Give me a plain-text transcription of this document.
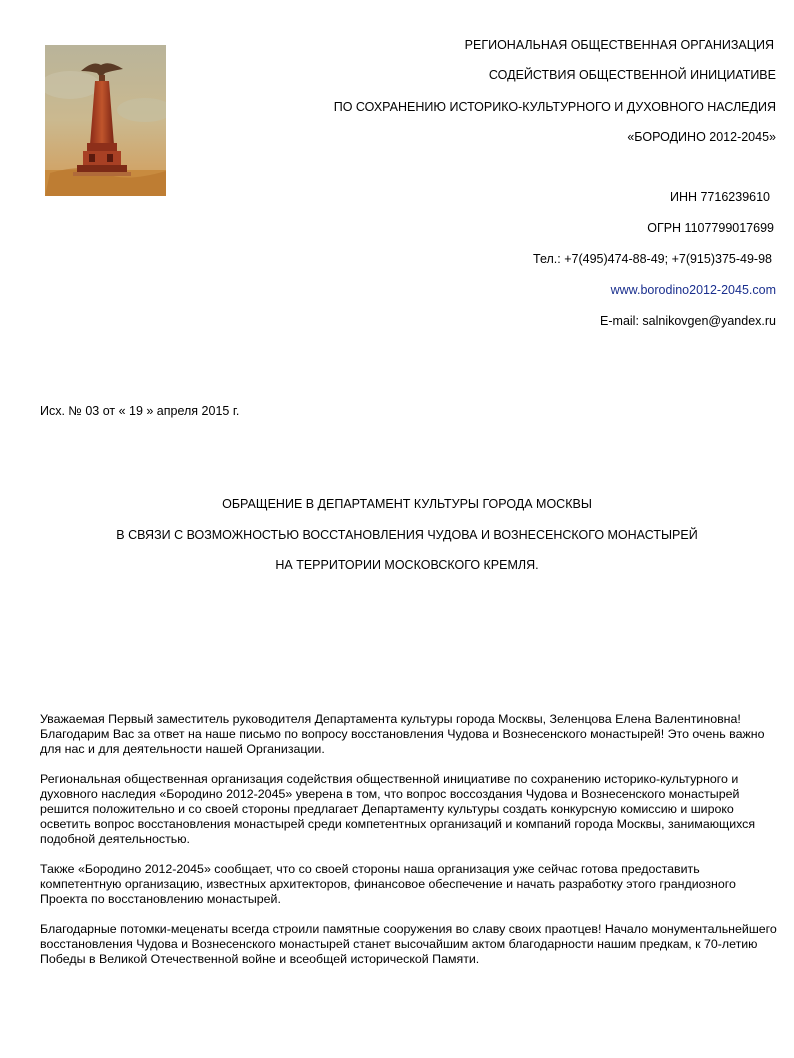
РЕГИОНАЛЬНАЯ ОБЩЕСТВЕННАЯ ОРГАНИЗАЦИЯ
СОДЕЙСТВИЯ ОБЩЕСТВЕННОЙ ИНИЦИАТИВЕ
ПО СОХРАНЕНИЮ ИСТОРИКО-КУЛЬТУРНОГО И ДУХОВНОГО НАСЛЕДИЯ
«БОРОДИНО 2012-2045»
ИНН 7716239610
ОГРН 1107799017699
Тел.: +7(495)474-88-49; +7(915)375-49-98
www.borodino2012-2045.com
E-mail: salnikovgen@yandex.ru
Исх. № 03 от « 19 » апреля 2015 г.
ОБРАЩЕНИЕ В ДЕПАРТАМЕНТ КУЛЬТУРЫ ГОРОДА МОСКВЫ
В СВЯЗИ С ВОЗМОЖНОСТЬЮ ВОССТАНОВЛЕНИЯ ЧУДОВА И ВОЗНЕСЕНСКОГО МОНАСТЫРЕЙ
НА ТЕРРИТОРИИ МОСКОВСКОГО КРЕМЛЯ.

Уважаемая Первый заместитель руководителя Департамента культуры города Москвы, Зеленцова Елена Валентиновна! Благодарим Вас за ответ на наше письмо по вопросу восстановления Чудова и Вознесенского монастырей! Это очень важно для нас и для деятельности нашей Организации.

Региональная общественная организация содействия общественной инициативе по сохранению историко-культурного и духовного наследия «Бородино 2012-2045» уверена в том, что вопрос воссоздания Чудова и Вознесенского монастырей решится положительно и со своей стороны предлагает Департаменту культуры создать конкурсную комиссию и широко осветить вопрос восстановления монастырей среди компетентных организаций и компаний города Москвы, занимающихся подобной деятельностью.

Также «Бородино 2012-2045» сообщает, что со своей стороны наша организация уже сейчас готова предоставить компетентную организацию, известных архитекторов, финансовое обеспечение и начать разработку этого грандиозного Проекта по восстановлению монастырей.

Благодарные потомки-меценаты всегда строили памятные сооружения во славу своих праотцев! Начало монументальнейшего восстановления Чудова и Вознесенского монастырей станет высочайшим актом благодарности нашим предкам, к 70-летию Победы в Великой Отечественной войне и всеобщей исторической Памяти.
